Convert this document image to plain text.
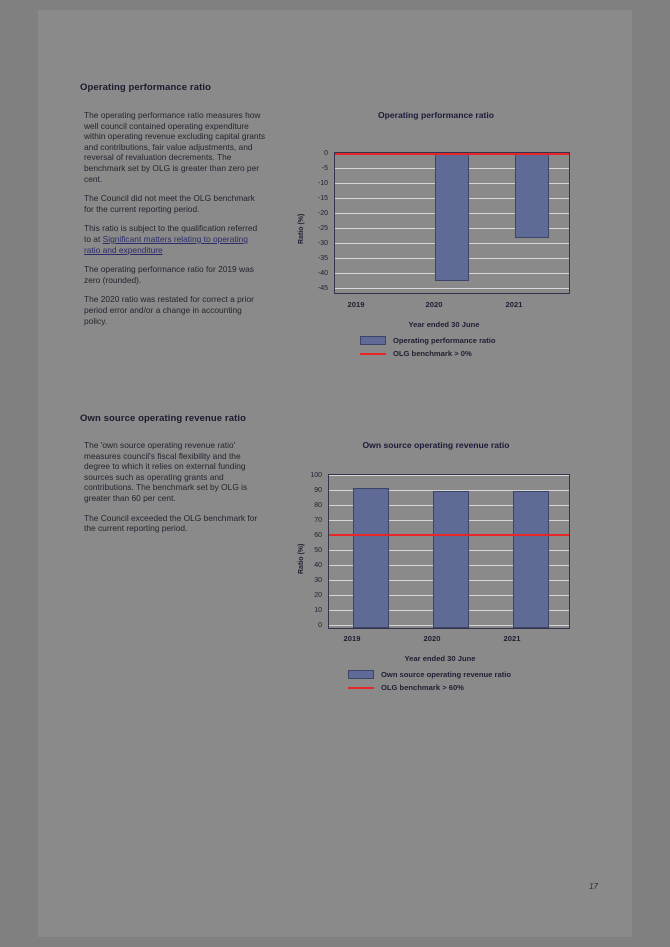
Operating performance ratio

The operating performance ratio measures how well council contained operating expenditure within operating revenue excluding capital grants and contributions, fair value adjustments, and reversal of revaluation decrements. The benchmark set by OLG is greater than zero per cent.

The Council did not meet the OLG benchmark for the current reporting period.

This ratio is subject to the qualification referred to at Significant matters relating to operating ratio and expenditure

The operating performance ratio for 2019 was zero (rounded).

The 2020 ratio was restated for correct a prior period error and/or a change in accounting policy.

Operating performance ratio
Ratio (%)
0
-5
-10
-15
-20
-25
-30
-35
-40
-45
2019	2020	2021
Year ended 30 June
Operating performance ratio
OLG benchmark > 0%
Own source operating revenue ratio

The 'own source operating revenue ratio' measures council's fiscal flexibility and the degree to which it relies on external funding sources such as operating grants and contributions. The benchmark set by OLG is greater than 60 per cent.

The Council exceeded the OLG benchmark for the current reporting period.

Own source operating revenue ratio
Ratio (%)
100
90
80
70
60
50
40
30
20
10
0
2019	2020	2021
Year ended 30 June
Own source operating revenue ratio
OLG benchmark > 60%
17
